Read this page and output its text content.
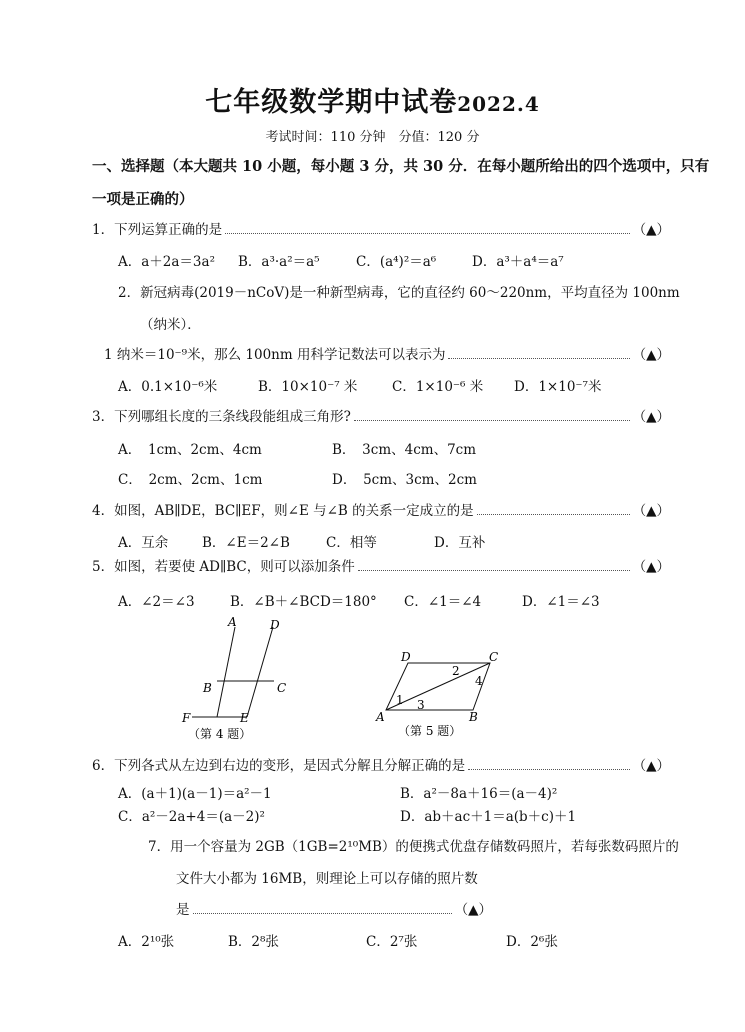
七年级数学期中试卷2022.4
考试时间：110 分钟　分值：120 分
一、选择题（本大题共 10 小题，每小题 3 分，共 30 分．在每小题所给出的四个选项中，只有
一项是正确的）
1．下列运算正确的是	（▲）
A．a＋2a＝3a² B．a³·a²＝a⁵	C．(a⁴)²＝a⁶	D．a³＋a⁴＝a⁷
2．新冠病毒(2019－nCoV)是一种新型病毒，它的直径约 60～220nm，平均直径为 100nm
（纳米）．
1 纳米＝10⁻⁹米，那么 100nm 用科学记数法可以表示为	（▲）
A．0.1×10⁻⁶米	B．10×10⁻⁷ 米	C．1×10⁻⁶ 米 D．1×10⁻⁷米
3．下列哪组长度的三条线段能组成三角形?	（▲）
A．　1cm、2cm、4cm	B．　3cm、4cm、7cm
C．　2cm、2cm、1cm	D．　5cm、3cm、2cm
4．如图，AB∥DE，BC∥EF，则∠E 与∠B 的关系一定成立的是	（▲）
A．互余	B．∠E＝2∠B	C．相等	D．互补
5．如图，若要使 AD∥BC，则可以添加条件	（▲）
A．∠2＝∠3	B．∠B＋∠BCD＝180° C．∠1＝∠4	D．∠1＝∠3
A	D
B	C
F	E
（第 4 题）
D	C
A	B
1
2
3
4
（第 5 题）
6．下列各式从左边到右边的变形，是因式分解且分解正确的是	（▲）
A．(a＋1)(a－1)＝a²－1	B．a²－8a＋16＝(a－4)²
C．a²－2a+4＝(a－2)²	D．ab＋ac＋1＝a(b＋c)＋1
7．用一个容量为 2GB（1GB=2¹⁰MB）的便携式优盘存储数码照片，若每张数码照片的
文件大小都为 16MB，则理论上可以存储的照片数
是	（▲）
A．2¹⁰张	B．2⁸张	C．2⁷张	D．2⁶张
